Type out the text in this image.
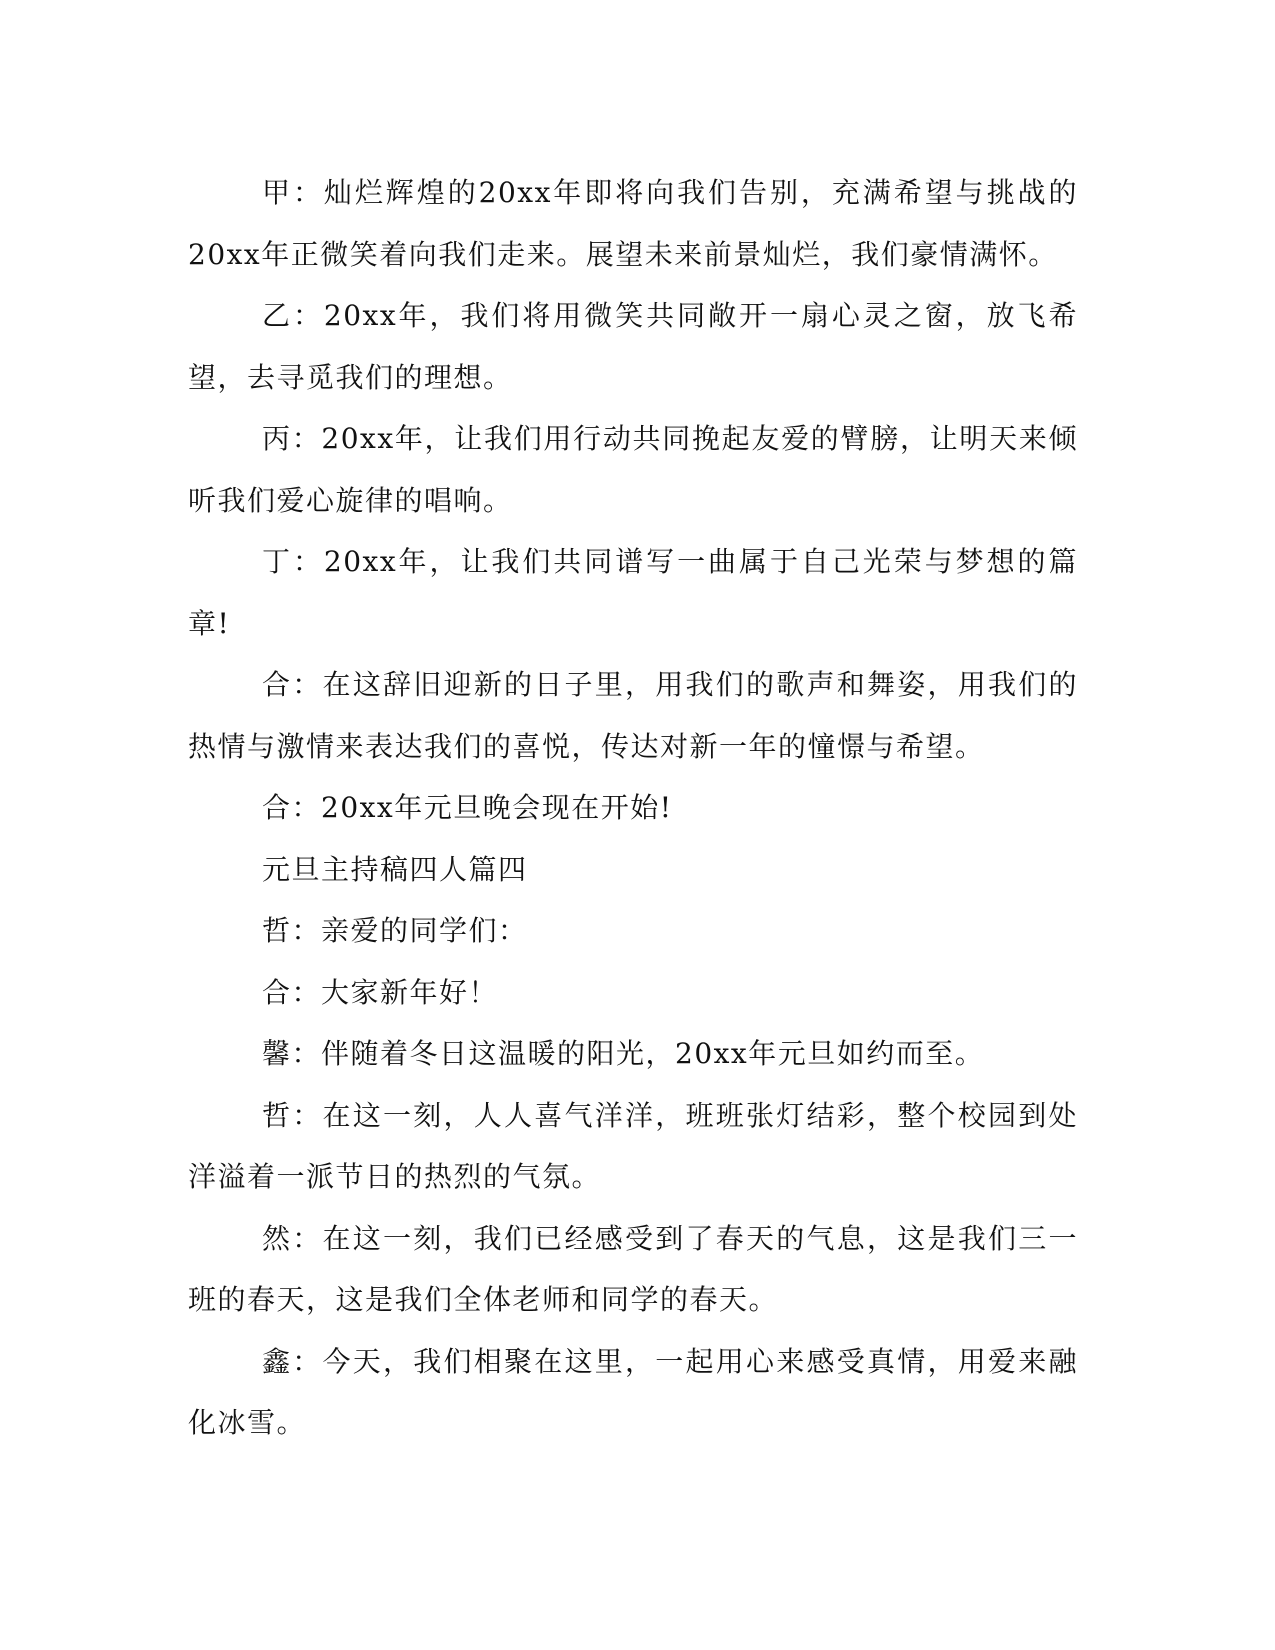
甲：灿烂辉煌的20xx年即将向我们告别，充满希望与挑战的20xx年正微笑着向我们走来。展望未来前景灿烂，我们豪情满怀。

乙：20xx年，我们将用微笑共同敞开一扇心灵之窗，放飞希望，去寻觅我们的理想。

丙：20xx年，让我们用行动共同挽起友爱的臂膀，让明天来倾听我们爱心旋律的唱响。

丁：20xx年，让我们共同谱写一曲属于自己光荣与梦想的篇章!

合：在这辞旧迎新的日子里，用我们的歌声和舞姿，用我们的热情与激情来表达我们的喜悦，传达对新一年的憧憬与希望。

合：20xx年元旦晚会现在开始!

元旦主持稿四人篇四

哲：亲爱的同学们：

合：大家新年好！

馨：伴随着冬日这温暖的阳光，20xx年元旦如约而至。

哲：在这一刻，人人喜气洋洋，班班张灯结彩，整个校园到处洋溢着一派节日的热烈的气氛。

然：在这一刻，我们已经感受到了春天的气息，这是我们三一班的春天，这是我们全体老师和同学的春天。

鑫：今天，我们相聚在这里，一起用心来感受真情，用爱来融化冰雪。
